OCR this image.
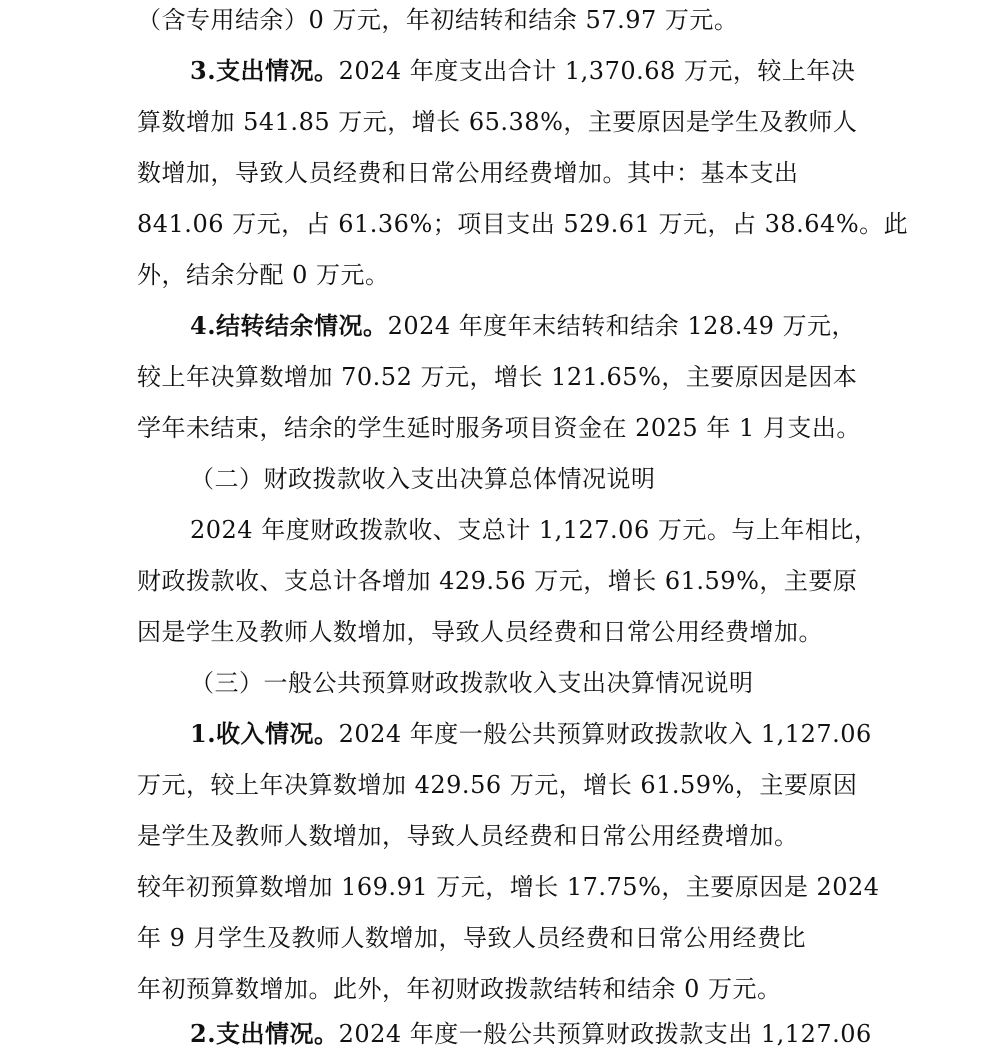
（含专用结余）0 万元，年初结转和结余 57.97 万元。
3.支出情况。2024 年度支出合计 1,370.68 万元，较上年决
算数增加 541.85 万元，增长 65.38%，主要原因是学生及教师人
数增加，导致人员经费和日常公用经费增加。其中：基本支出
841.06 万元，占 61.36%；项目支出 529.61 万元，占 38.64%。此
外，结余分配 0 万元。
4.结转结余情况。2024 年度年末结转和结余 128.49 万元，
较上年决算数增加 70.52 万元，增长 121.65%，主要原因是因本
学年未结束，结余的学生延时服务项目资金在 2025 年 1 月支出。
（二）财政拨款收入支出决算总体情况说明
2024 年度财政拨款收、支总计 1,127.06 万元。与上年相比，
财政拨款收、支总计各增加 429.56 万元，增长 61.59%，主要原
因是学生及教师人数增加，导致人员经费和日常公用经费增加。
（三）一般公共预算财政拨款收入支出决算情况说明
1.收入情况。2024 年度一般公共预算财政拨款收入 1,127.06
万元，较上年决算数增加 429.56 万元，增长 61.59%，主要原因
是学生及教师人数增加，导致人员经费和日常公用经费增加。
较年初预算数增加 169.91 万元，增长 17.75%，主要原因是 2024
年 9 月学生及教师人数增加，导致人员经费和日常公用经费比
年初预算数增加。此外，年初财政拨款结转和结余 0 万元。
2.支出情况。2024 年度一般公共预算财政拨款支出 1,127.06
